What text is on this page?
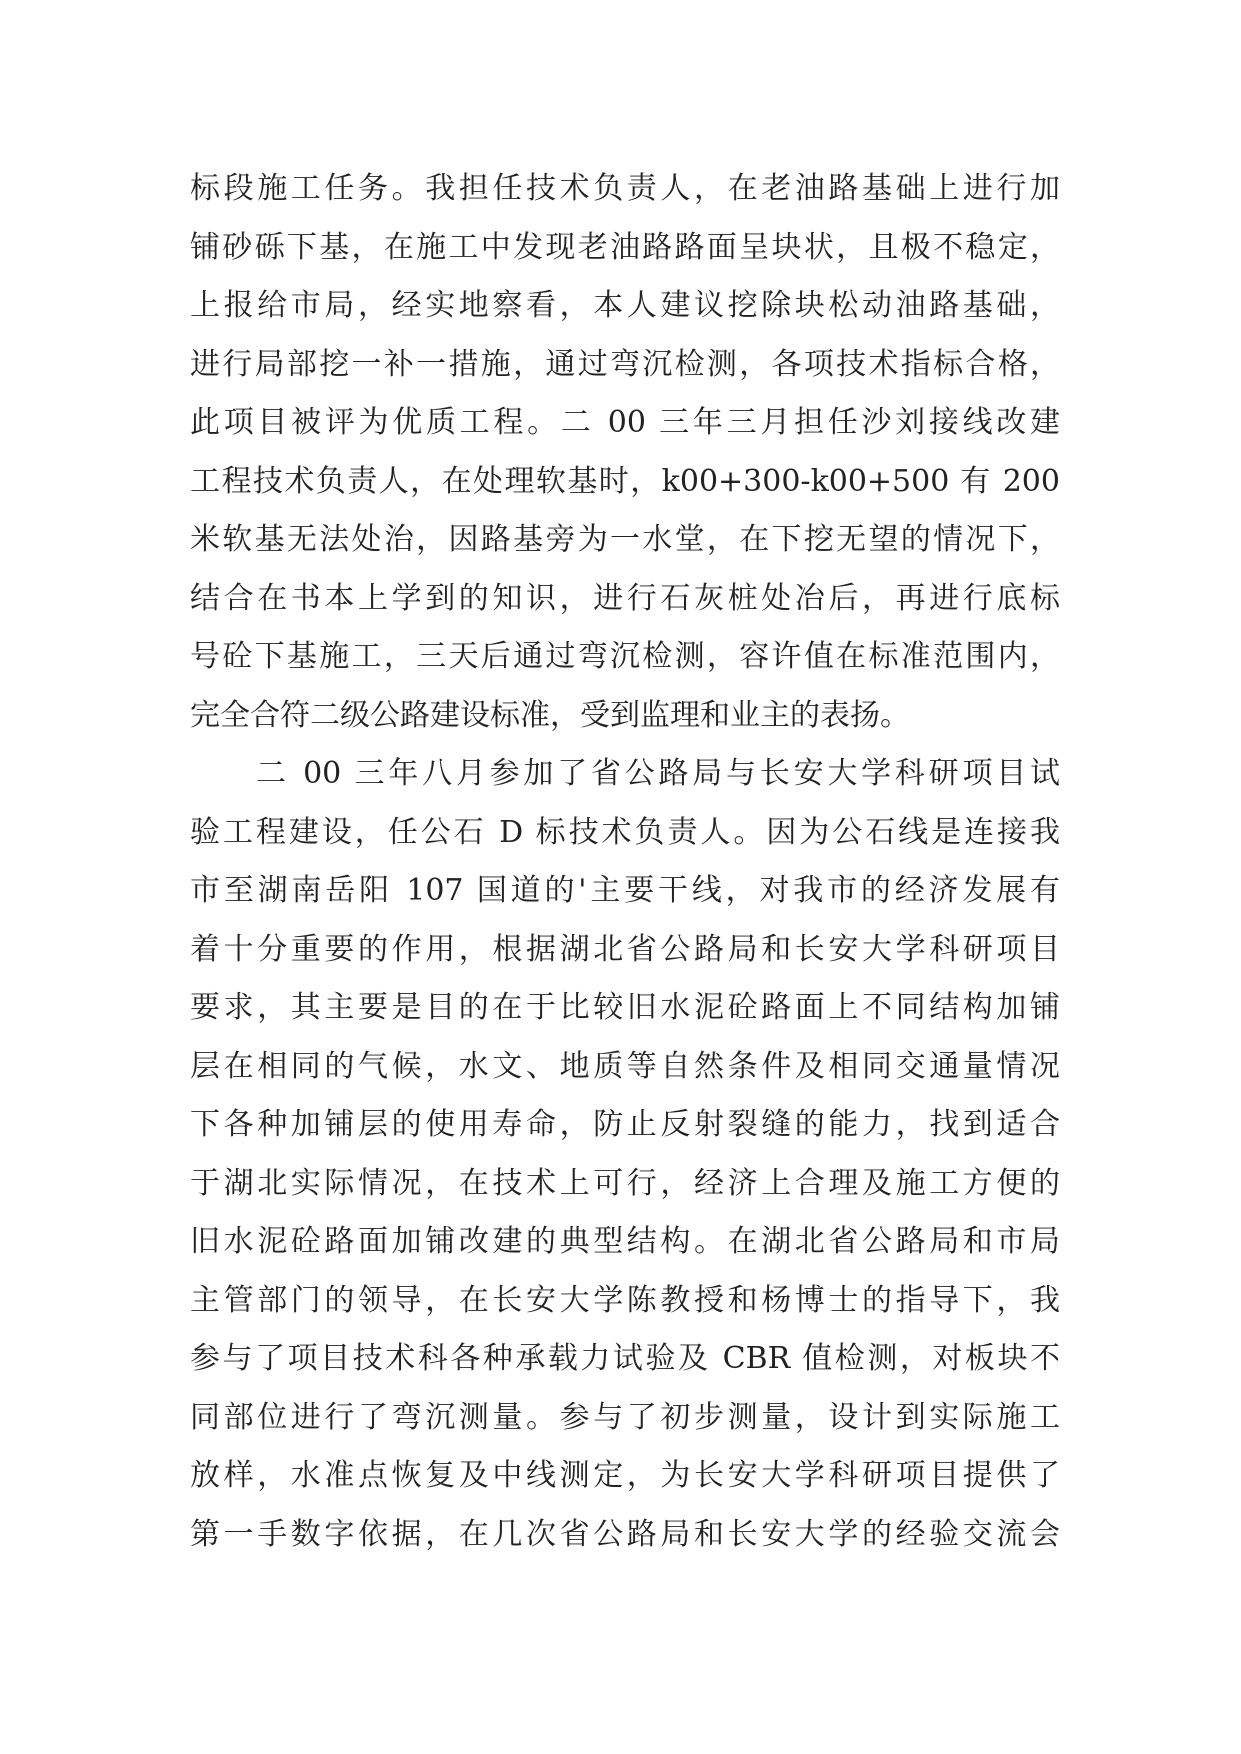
标段施工任务。我担任技术负责人，在老油路基础上进行加
铺砂砾下基，在施工中发现老油路路面呈块状，且极不稳定，
上报给市局，经实地察看，本人建议挖除块松动油路基础，
进行局部挖一补一措施，通过弯沉检测，各项技术指标合格，
此项目被评为优质工程。二 00 三年三月担任沙刘接线改建
工程技术负责人，在处理软基时，k00+300-k00+500 有 200
米软基无法处治，因路基旁为一水堂，在下挖无望的情况下，
结合在书本上学到的知识，进行石灰桩处冶后，再进行底标
号砼下基施工，三天后通过弯沉检测，容许值在标准范围内，
完全合符二级公路建设标准，受到监理和业主的表扬。
二 00 三年八月参加了省公路局与长安大学科研项目试
验工程建设，任公石 D 标技术负责人。因为公石线是连接我
市至湖南岳阳 107 国道的'主要干线，对我市的经济发展有
着十分重要的作用，根据湖北省公路局和长安大学科研项目
要求，其主要是目的在于比较旧水泥砼路面上不同结构加铺
层在相同的气候，水文、地质等自然条件及相同交通量情况
下各种加铺层的使用寿命，防止反射裂缝的能力，找到适合
于湖北实际情况，在技术上可行，经济上合理及施工方便的
旧水泥砼路面加铺改建的典型结构。在湖北省公路局和市局
主管部门的领导，在长安大学陈教授和杨博士的指导下，我
参与了项目技术科各种承载力试验及 CBR 值检测，对板块不
同部位进行了弯沉测量。参与了初步测量，设计到实际施工
放样，水准点恢复及中线测定，为长安大学科研项目提供了
第一手数字依据，在几次省公路局和长安大学的经验交流会
